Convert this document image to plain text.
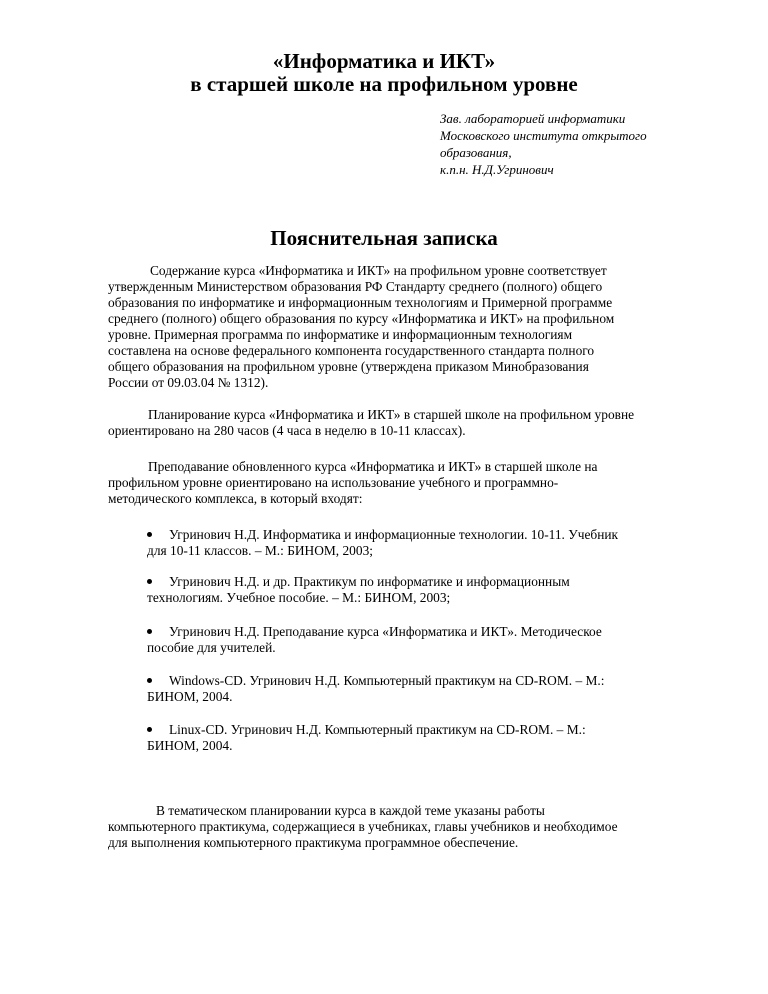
«Информатика и ИКТ»
в старшей школе на профильном уровне
Зав. лабораторией информатики
Московского института открытого
образования,
к.п.н. Н.Д.Угринович
Пояснительная записка

Содержание курса «Информатика и ИКТ» на профильном уровне соответствует
утвержденным Министерством образования РФ Стандарту среднего (полного) общего
образования по информатике и информационным технологиям и Примерной программе
среднего (полного) общего образования по курсу «Информатика и ИКТ» на профильном
уровне. Примерная программа по информатике и информационным технологиям
составлена на основе федерального компонента государственного стандарта полного
общего образования на профильном уровне (утверждена приказом Минобразования
России от 09.03.04 № 1312).

Планирование курса «Информатика и ИКТ» в старшей школе на профильном уровне
ориентировано на 280 часов (4 часа в неделю в 10-11 классах).

Преподавание обновленного курса «Информатика и ИКТ» в старшей школе на
профильном уровне ориентировано на использование учебного и программно-
методического комплекса, в который входят:

Угринович Н.Д. Информатика и информационные технологии. 10-11. Учебник
для 10-11 классов. – М.: БИНОМ, 2003;
Угринович Н.Д. и др. Практикум по информатике и информационным
технологиям. Учебное пособие. – М.: БИНОМ, 2003;
Угринович Н.Д. Преподавание курса «Информатика и ИКТ». Методическое
пособие для учителей.
Windows-CD. Угринович Н.Д. Компьютерный практикум на CD-ROM. – М.:
БИНОМ, 2004.
Linux-CD. Угринович Н.Д. Компьютерный практикум на CD-ROM. – М.:
БИНОМ, 2004.

В тематическом планировании курса в каждой теме указаны работы
компьютерного практикума, содержащиеся в учебниках, главы учебников и необходимое
для выполнения компьютерного практикума программное обеспечение.
